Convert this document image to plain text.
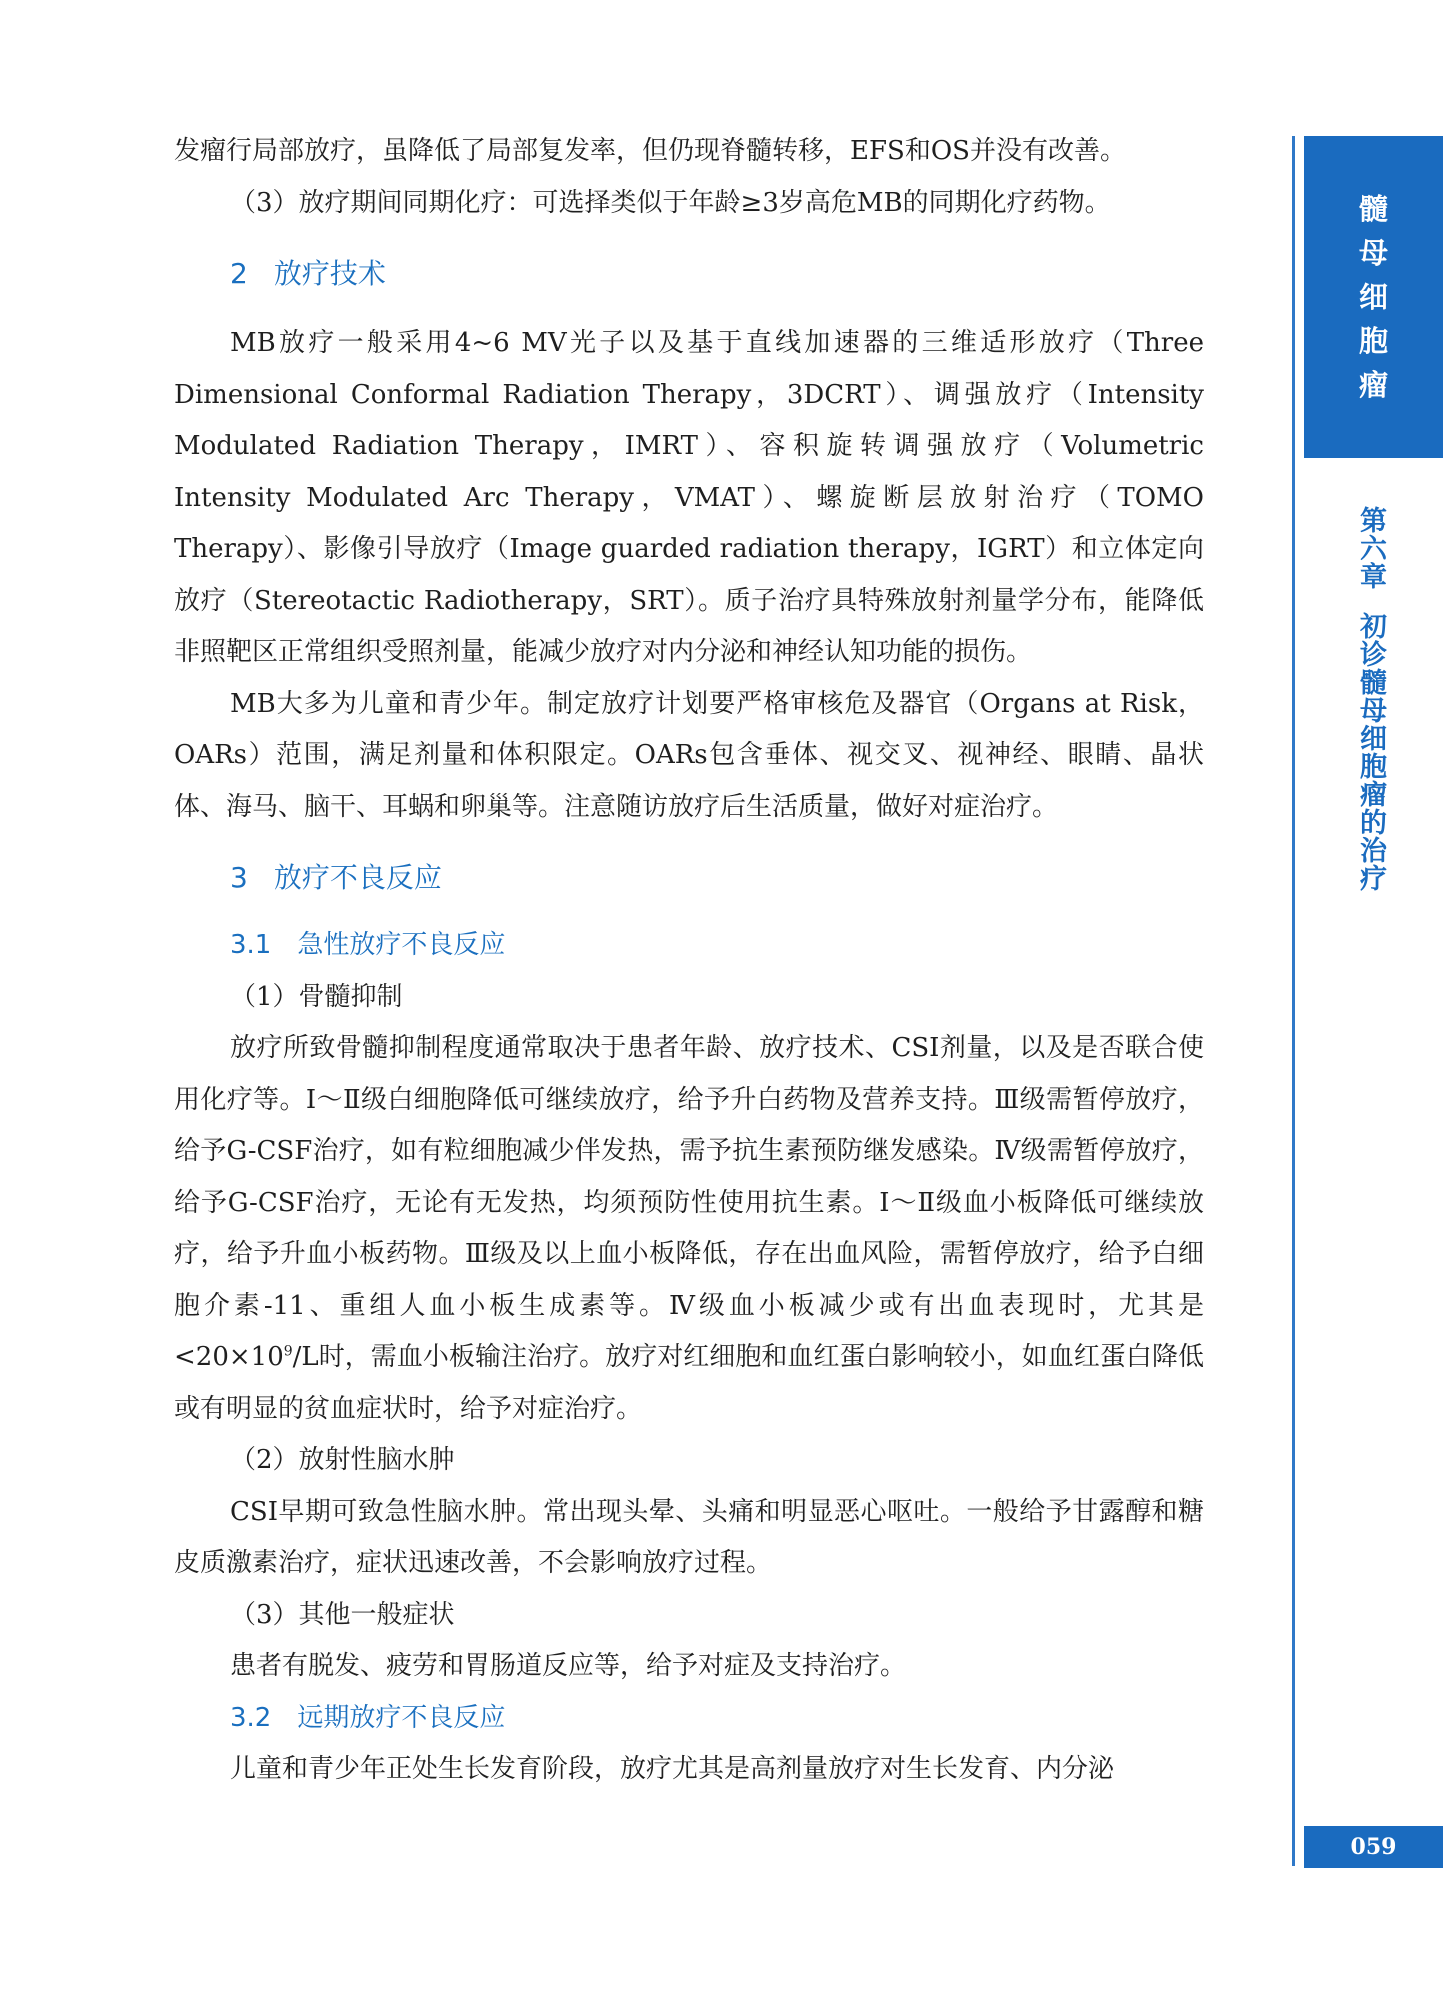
发瘤行局部放疗，虽降低了局部复发率，但仍现脊髓转移，EFS和OS并没有改善。

（3）放疗期间同期化疗：可选择类似于年龄≥3岁高危MB的同期化疗药物。

2 放疗技术

MB放疗一般采用4~6 MV光子以及基于直线加速器的三维适形放疗（Three Dimensional Conformal Radiation Therapy，3DCRT）、调强放疗（Intensity Modulated Radiation Therapy，IMRT）、容积旋转调强放疗（Volumetric Intensity Modulated Arc Therapy，VMAT）、螺旋断层放射治疗（TOMO Therapy）、影像引导放疗（Image guarded radiation therapy，IGRT）和立体定向放疗（Stereotactic Radiotherapy，SRT）。质子治疗具特殊放射剂量学分布，能降低非照靶区正常组织受照剂量，能减少放疗对内分泌和神经认知功能的损伤。

MB大多为儿童和青少年。制定放疗计划要严格审核危及器官（Organs at Risk，OARs）范围，满足剂量和体积限定。OARs包含垂体、视交叉、视神经、眼睛、晶状体、海马、脑干、耳蜗和卵巢等。注意随访放疗后生活质量，做好对症治疗。

3 放疗不良反应
3.1 急性放疗不良反应

（1）骨髓抑制

放疗所致骨髓抑制程度通常取决于患者年龄、放疗技术、CSI剂量，以及是否联合使用化疗等。Ⅰ～Ⅱ级白细胞降低可继续放疗，给予升白药物及营养支持。Ⅲ级需暂停放疗，给予G-CSF治疗，如有粒细胞减少伴发热，需予抗生素预防继发感染。Ⅳ级需暂停放疗，给予G-CSF治疗，无论有无发热，均须预防性使用抗生素。Ⅰ～Ⅱ级血小板降低可继续放疗，给予升血小板药物。Ⅲ级及以上血小板降低，存在出血风险，需暂停放疗，给予白细胞介素-11、重组人血小板生成素等。Ⅳ级血小板减少或有出血表现时，尤其是$<20\times 10^9/L$时，需血小板输注治疗。放疗对红细胞和血红蛋白影响较小，如血红蛋白降低或有明显的贫血症状时，给予对症治疗。

（2）放射性脑水肿

CSI早期可致急性脑水肿。常出现头晕、头痛和明显恶心呕吐。一般给予甘露醇和糖皮质激素治疗，症状迅速改善，不会影响放疗过程。

（3）其他一般症状

患者有脱发、疲劳和胃肠道反应等，给予对症及支持治疗。

3.2 远期放疗不良反应

儿童和青少年正处生长发育阶段，放疗尤其是高剂量放疗对生长发育、内分泌

髓
母
细
胞
瘤
第
六
章
初
诊
髓
母
细
胞
瘤
的
治
疗
059
